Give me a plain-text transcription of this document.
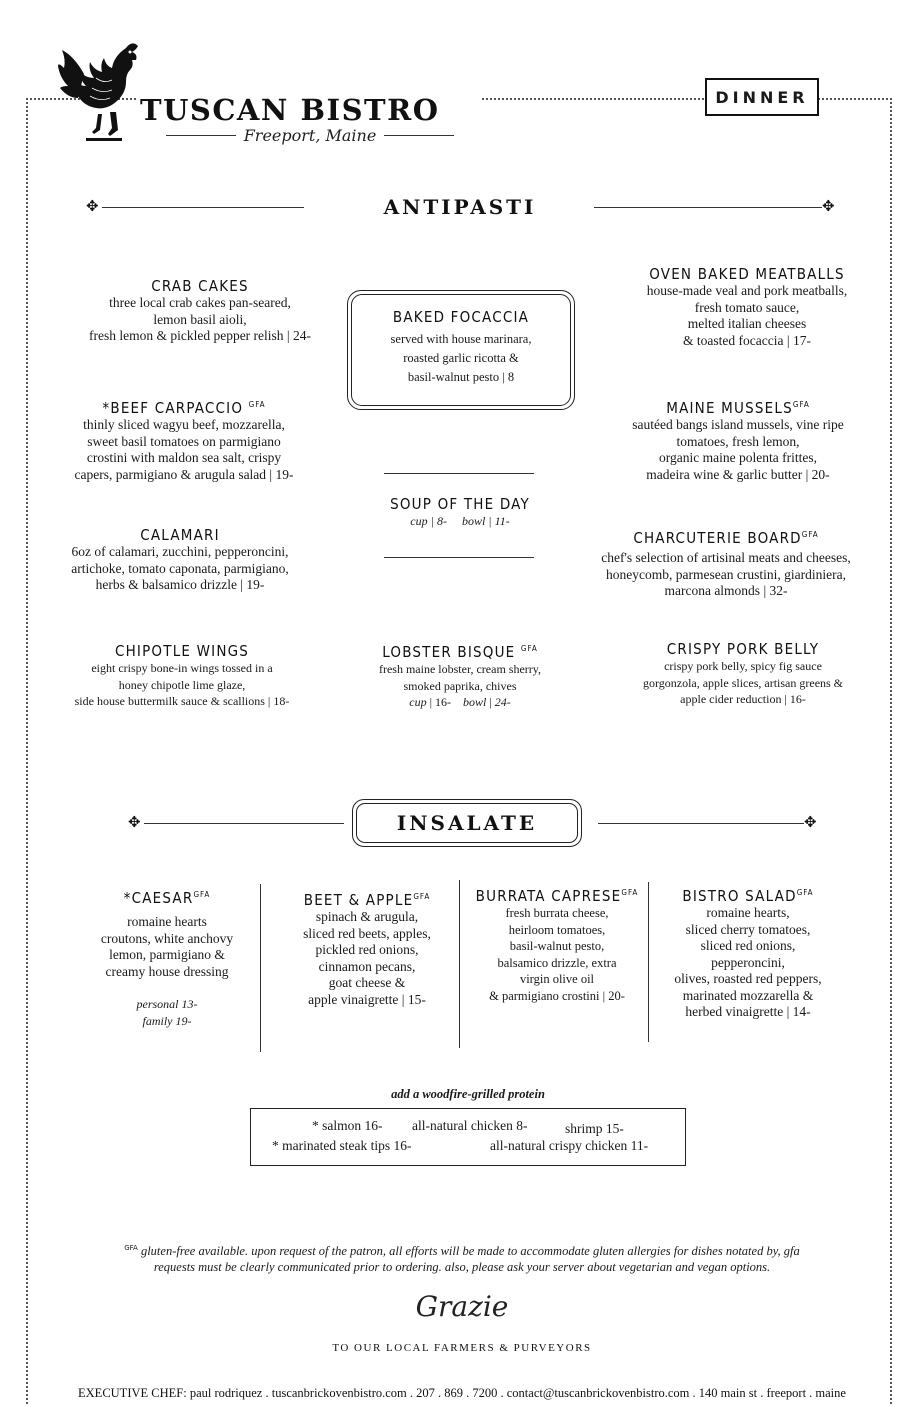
TUSCAN BISTRO
Freeport, Maine
DINNER
✥	ANTIPASTI	✥
CRAB CAKES
three local crab cakes pan-seared,
lemon basil aioli,
fresh lemon & pickled pepper relish | 24-
BAKED FOCACCIA
served with house marinara,
roasted garlic ricotta &
basil-walnut pesto | 8
OVEN BAKED MEATBALLS
house-made veal and pork meatballs,
fresh tomato sauce,
melted italian cheeses
& toasted focaccia | 17-
*BEEF CARPACCIO $^{GFA}$
thinly sliced wagyu beef, mozzarella,
sweet basil tomatoes on parmigiano
crostini with maldon sea salt, crispy
capers, parmigiano & arugula salad | 19-
MAINE $MUSSELS^{GFA}$
sautéed bangs island mussels, vine ripe
tomatoes, fresh lemon,
organic maine polenta frittes,
madeira wine & garlic butter | 20-
SOUP OF THE DAY
cup | 8- bowl | 11-
CALAMARI
6oz of calamari, zucchini, pepperoncini,
artichoke, tomato caponata, parmigiano,
herbs & balsamico drizzle | 19-
CHARCUTERIE $BOARD^{GFA}$
chef's selection of artisinal meats and cheeses,
honeycomb, parmesean crustini, giardiniera,
marcona almonds | 32-
CHIPOTLE WINGS
eight crispy bone-in wings tossed in a
honey chipotle lime glaze,
side house buttermilk sauce & scallions | 18-
LOBSTER BISQUE $^{GFA}$
fresh maine lobster, cream sherry,
smoked paprika, chives
cup | 16- bowl | 24-
CRISPY PORK BELLY
crispy pork belly, spicy fig sauce
gorgonzola, apple slices, artisan greens &
apple cider reduction | 16-
✥	INSALATE	✥
$*CAESAR^{GFA}$
romaine hearts
croutons, white anchovy
lemon, parmigiano &
creamy house dressing
personal 13-
family 19-
BEET & $APPLE^{GFA}$
spinach & arugula,
sliced red beets, apples,
pickled red onions,
cinnamon pecans,
goat cheese &
apple vinaigrette | 15-
BURRATA $CAPRESE^{GFA}$
fresh burrata cheese,
heirloom tomatoes,
basil-walnut pesto,
balsamico drizzle, extra
virgin olive oil
& parmigiano crostini | 20-
BISTRO $SALAD^{GFA}$
romaine hearts,
sliced cherry tomatoes,
sliced red onions,
pepperoncini,
olives, roasted red peppers,
marinated mozzarella &
herbed vinaigrette | 14-
add a woodfire-grilled protein
* salmon 16- all-natural chicken 8-	shrimp 15-
* marinated steak tips 16-	all-natural crispy chicken 11-
$^{GFA}$ gluten-free available. upon request of the patron, all efforts will be made to accommodate gluten allergies for dishes notated by, gfa
requests must be clearly communicated prior to ordering. also, please ask your server about vegetarian and vegan options.
Grazie
TO OUR LOCAL FARMERS & PURVEYORS
EXECUTIVE CHEF: paul rodriquez . tuscanbrickovenbistro.com . 207 . 869 . 7200 . contact@tuscanbrickovenbistro.com . 140 main st . freeport . maine
